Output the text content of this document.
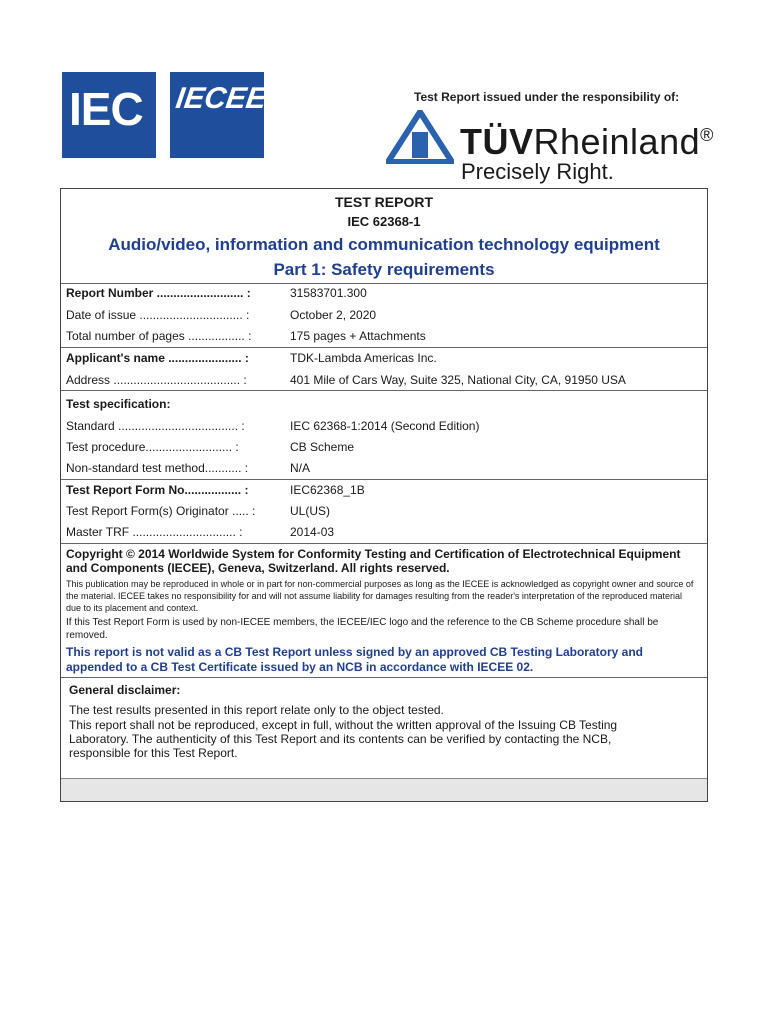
IEC IECEE	Test Report issued under the responsibility of:
TÜVRheinland®
Precisely Right.
TEST REPORT
IEC 62368-1
Audio/video, information and communication technology equipment
Part 1: Safety requirements
Report Number .......................... :	31583701.300
Date of issue ............................... :	October 2, 2020
Total number of pages ................. :	175 pages + Attachments
Applicant's name ...................... :	TDK-Lambda Americas Inc.
Address ...................................... :	401 Mile of Cars Way, Suite 325, National City, CA, 91950 USA
Test specification:
Standard .................................... :	IEC 62368-1:2014 (Second Edition)
Test procedure.......................... :	CB Scheme
Non-standard test method........... :	N/A
Test Report Form No................. :	IEC62368_1B
Test Report Form(s) Originator ..... :	UL(US)
Master TRF ............................... :	2014-03
Copyright © 2014 Worldwide System for Conformity Testing and Certification of Electrotechnical Equipment and Components (IECEE), Geneva, Switzerland. All rights reserved.
This publication may be reproduced in whole or in part for non-commercial purposes as long as the IECEE is acknowledged as copyright owner and source of the material. IECEE takes no responsibility for and will not assume liability for damages resulting from the reader's interpretation of the reproduced material due to its placement and context.
If this Test Report Form is used by non-IECEE members, the IECEE/IEC logo and the reference to the CB Scheme procedure shall be removed.
This report is not valid as a CB Test Report unless signed by an approved CB Testing Laboratory and appended to a CB Test Certificate issued by an NCB in accordance with IECEE 02.
General disclaimer:
The test results presented in this report relate only to the object tested.
This report shall not be reproduced, except in full, without the written approval of the Issuing CB Testing Laboratory. The authenticity of this Test Report and its contents can be verified by contacting the NCB, responsible for this Test Report.
